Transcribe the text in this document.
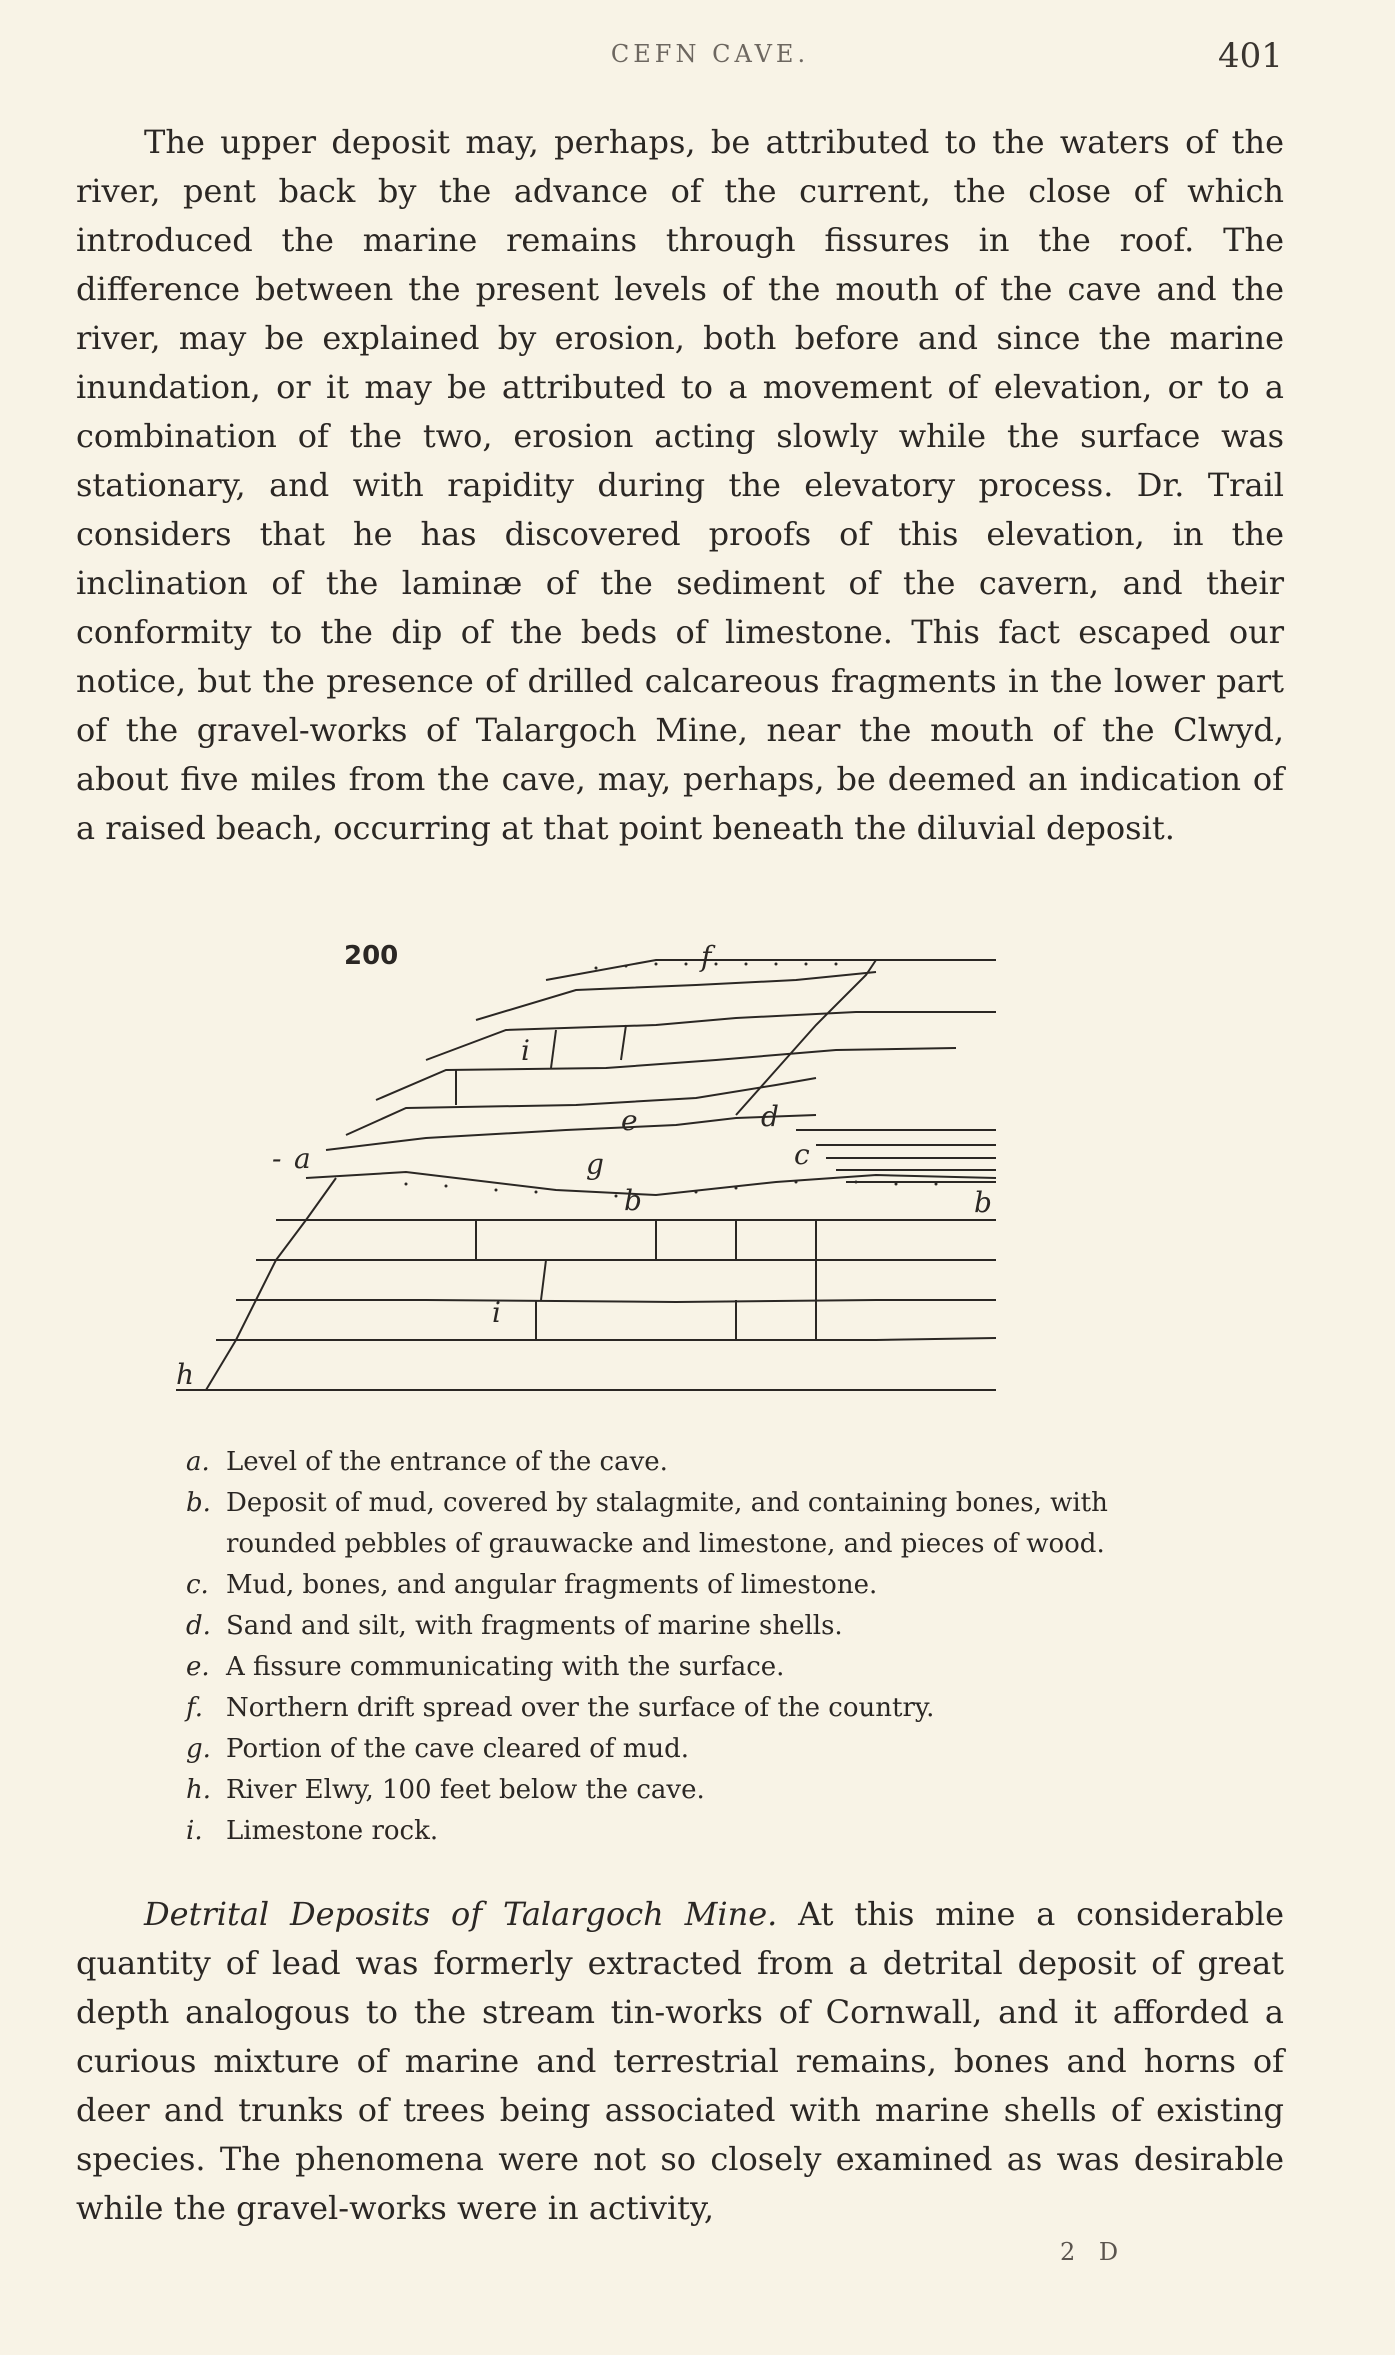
CEFN CAVE.	401
The upper deposit may, perhaps, be attributed to the waters of the river, pent back by the advance of the current, the close of which introduced the marine remains through fissures in the roof. The difference between the present levels of the mouth of the cave and the river, may be explained by erosion, both before and since the marine inundation, or it may be attributed to a movement of elevation, or to a combination of the two, erosion acting slowly while the surface was stationary, and with rapidity during the elevatory process. Dr. Trail considers that he has discovered proofs of this elevation, in the inclination of the laminæ of the sediment of the cavern, and their conformity to the dip of the beds of limestone. This fact escaped our notice, but the presence of drilled calcareous fragments in the lower part of the gravel-works of Talargoch Mine, near the mouth of the Clwyd, about five miles from the cave, may, perhaps, be deemed an indication of a raised beach, occurring at that point beneath the diluvial deposit.
200	f
i
e	d
c
a
-	g
b	b
i
h
a. Level of the entrance of the cave.
b. Deposit of mud, covered by stalagmite, and containing bones, with
rounded pebbles of grauwacke and limestone, and pieces of wood.
c. Mud, bones, and angular fragments of limestone.
d. Sand and silt, with fragments of marine shells.
e. A fissure communicating with the surface.
f. Northern drift spread over the surface of the country.
g. Portion of the cave cleared of mud.
h. River Elwy, 100 feet below the cave.
i. Limestone rock.
Detrital Deposits of Talargoch Mine. At this mine a considerable quantity of lead was formerly extracted from a detrital deposit of great depth analogous to the stream tin-works of Cornwall, and it afforded a curious mixture of marine and terrestrial remains, bones and horns of deer and trunks of trees being associated with marine shells of existing species. The phenomena were not so closely examined as was desirable while the gravel-works were in activity,
2 D
